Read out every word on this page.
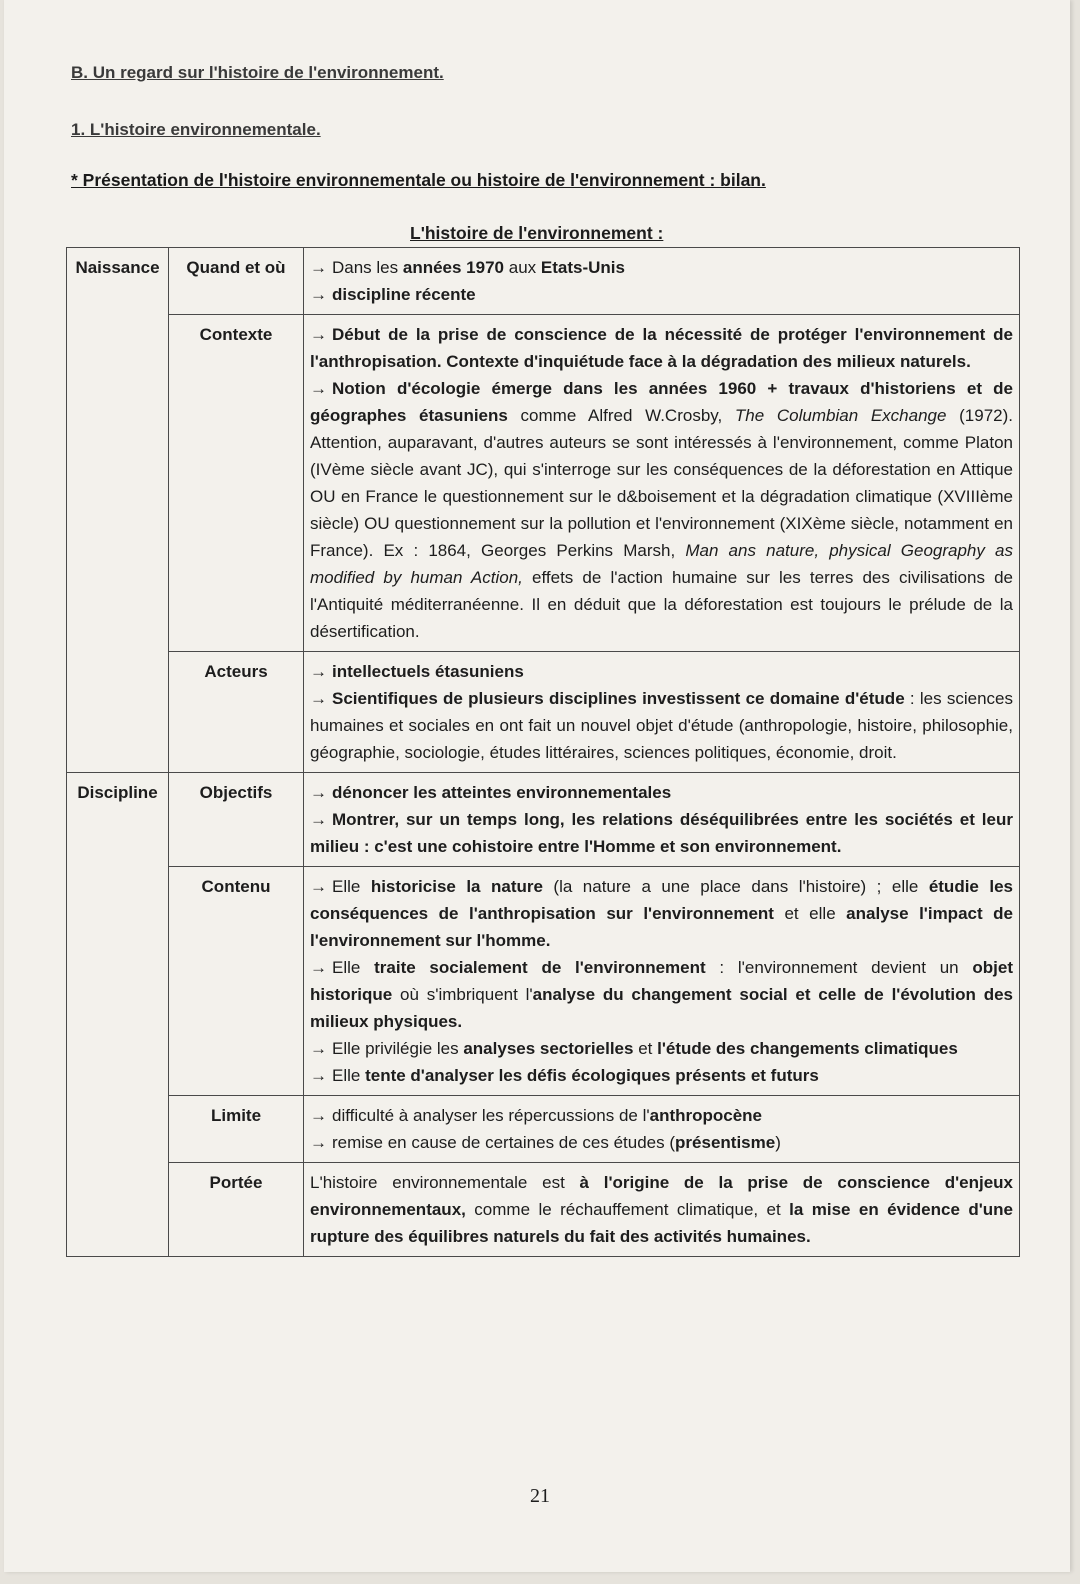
B. Un regard sur l'histoire de l'environnement.
1. L'histoire environnementale.
* Présentation de l'histoire environnementale ou histoire de l'environnement : bilan.
L'histoire de l'environnement :
Naissance	Quand et où	→ Dans les années 1970 aux Etats-Unis
→ discipline récente

	Contexte	→ Début de la prise de conscience de la nécessité de protéger l'environnement de l'anthropisation. Contexte d'inquiétude face à la dégradation des milieux naturels.
→ Notion d'écologie émerge dans les années 1960 + travaux d'historiens et de géographes étasuniens comme Alfred W.Crosby, The Columbian Exchange (1972). Attention, auparavant, d'autres auteurs se sont intéressés à l'environnement, comme Platon (IVème siècle avant JC), qui s'interroge sur les conséquences de la déforestation en Attique OU en France le questionnement sur le d&boisement et la dégradation climatique (XVIIIème siècle) OU questionnement sur la pollution et l'environnement (XIXème siècle, notamment en France). Ex : 1864, Georges Perkins Marsh, Man ans nature, physical Geography as modified by human Action, effets de l'action humaine sur les terres des civilisations de l'Antiquité méditerranéenne. Il en déduit que la déforestation est toujours le prélude de la désertification.

	Acteurs	→ intellectuels étasuniens
→ Scientifiques de plusieurs disciplines investissent ce domaine d'étude : les sciences humaines et sociales en ont fait un nouvel objet d'étude (anthropologie, histoire, philosophie, géographie, sociologie, études littéraires, sciences politiques, économie, droit.

Discipline	Objectifs	→ dénoncer les atteintes environnementales
→ Montrer, sur un temps long, les relations déséquilibrées entre les sociétés et leur milieu : c'est une cohistoire entre l'Homme et son environnement.

	Contenu	→ Elle historicise la nature (la nature a une place dans l'histoire) ; elle étudie les conséquences de l'anthropisation sur l'environnement et elle analyse l'impact de l'environnement sur l'homme.
→ Elle traite socialement de l'environnement : l'environnement devient un objet historique où s'imbriquent l'analyse du changement social et celle de l'évolution des milieux physiques.
→ Elle privilégie les analyses sectorielles et l'étude des changements climatiques
→ Elle tente d'analyser les défis écologiques présents et futurs

	Limite	→ difficulté à analyser les répercussions de l'anthropocène
→ remise en cause de certaines de ces études (présentisme)

	Portée	L'histoire environnementale est à l'origine de la prise de conscience d'enjeux environnementaux, comme le réchauffement climatique, et la mise en évidence d'une rupture des équilibres naturels du fait des activités humaines.
21
